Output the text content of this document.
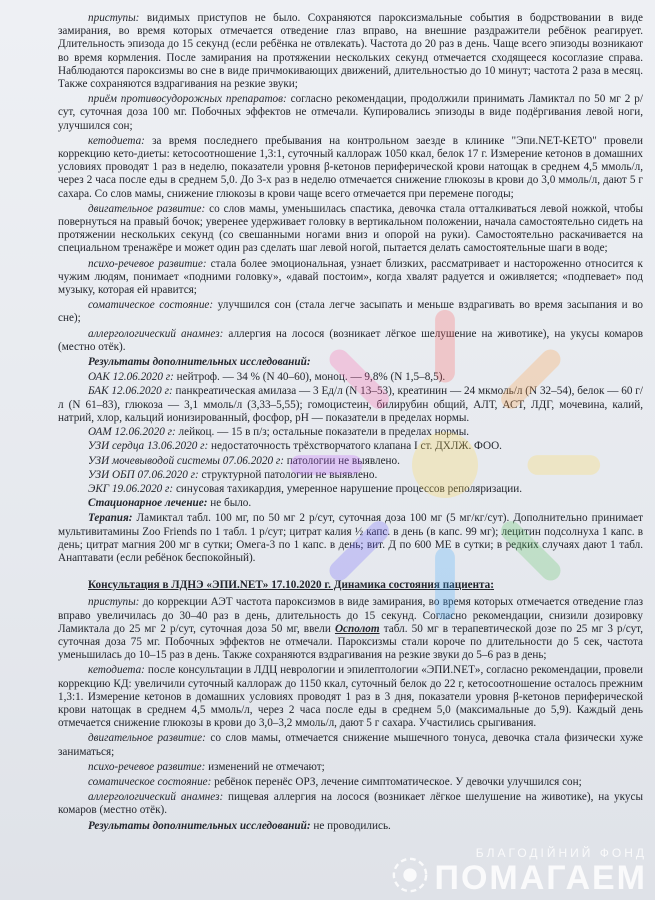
приступы: видимых приступов не было. Сохраняются пароксизмальные события в бодрствовании в виде замирания, во время которых отмечается отведение глаз вправо, на внешние раздражители ребёнок реагирует. Длительность эпизода до 15 секунд (если ребёнка не отвлекать). Частота до 20 раз в день. Чаще всего эпизоды возникают во время кормления. После замирания на протяжении нескольких секунд отмечается сходящееся косоглазие справа. Наблюдаются пароксизмы во сне в виде причмокивающих движений, длительностью до 10 минут; частота 2 раза в месяц. Также сохраняются вздрагивания на резкие звуки;

приём противосудорожных препаратов: согласно рекомендации, продолжили принимать Ламиктал по 50 мг 2 р/сут, суточная доза 100 мг. Побочных эффектов не отмечали. Купировались эпизоды в виде подёргивания левой ноги, улучшился сон;

кетодиета: за время последнего пребывания на контрольном заезде в клинике "Эпи.NET-KETO" провели коррекцию кето-диеты: кетосоотношение 1,3:1, суточный каллораж 1050 ккал, белок 17 г. Измерение кетонов в домашних условиях проводят 1 раз в неделю, показатели уровня β-кетонов периферической крови натощак в среднем 4,5 ммоль/л, через 2 часа после еды в среднем 5,0. До 3-х раз в неделю отмечается снижение глюкозы в крови до 3,0 ммоль/л, дают 5 г сахара. Со слов мамы, снижение глюкозы в крови чаще всего отмечается при перемене погоды;

двигательное развитие: со слов мамы, уменьшилась спастика, девочка стала отталкиваться левой ножкой, чтобы повернуться на правый бочок; уверенее удерживает головку в вертикальном положении, начала самостоятельно сидеть на протяжении нескольких секунд (со свешанными ногами вниз и опорой на руки). Самостоятельно раскачивается на специальном тренажёре и может один раз сделать шаг левой ногой, пытается делать самостоятельные шаги в воде;

психо-речевое развитие: стала более эмоциональная, узнает близких, рассматривает и настороженно относится к чужим людям, понимает «подними головку», «давай постоим», когда хвалят радуется и оживляется; «подпевает» под музыку, которая ей нравится;

соматическое состояние: улучшился сон (стала легче засыпать и меньше вздрагивать во время засыпания и во сне);

аллергологический анамнез: аллергия на лосося (возникает лёгкое шелушение на животике), на укусы комаров (местно отёк).

Результаты дополнительных исследований:

ОАК 12.06.2020 г: нейтроф. — 34 % (N 40–60), моноц. — 9,8% (N 1,5–8,5).

БАК 12.06.2020 г: панкреатическая амилаза — 3 Ед/л (N 13–53), креатинин — 24 мкмоль/л (N 32–54), белок — 60 г/л (N 61–83), глюкоза — 3,1 ммоль/л (3,33–5,55); гомоцистеин, билирубин общий, АЛТ, АСТ, ЛДГ, мочевина, калий, натрий, хлор, кальций ионизированный, фосфор, pH — показатели в пределах нормы.

ОАМ 12.06.2020 г: лейкоц. — 15 в п/з; остальные показатели в пределах нормы.

УЗИ сердца 13.06.2020 г: недостаточность трёхстворчатого клапана I ст. ДХЛЖ. ФОО.

УЗИ мочевыводой системы 07.06.2020 г: патологии не выявлено.

УЗИ ОБП 07.06.2020 г: структурной патологии не выявлено.

ЭКГ 19.06.2020 г: синусовая тахикардия, умеренное нарушение процессов реполяризации.

Стационарное лечение: не было.

Терапия: Ламиктал табл. 100 мг, по 50 мг 2 р/сут, суточная доза 100 мг (5 мг/кг/сут). Дополнительно принимает мультивитамины Zoo Friends по 1 табл. 1 р/сут; цитрат калия ½ капс. в день (в капс. 99 мг); лецитин подсолнуха 1 капс. в день; цитрат магния 200 мг в сутки; Омега-3 по 1 капс. в день; вит. Д по 600 МЕ в сутки; в редких случаях дают 1 табл. Анаптавати (если ребёнок беспокойный).

Консультация в ЛДНЭ «ЭПИ.NET» 17.10.2020 г. Динамика состояния пациента:

приступы: до коррекции АЭТ частота пароксизмов в виде замирания, во время которых отмечается отведение глаз вправо увеличилась до 30–40 раз в день, длительность до 15 секунд. Согласно рекомендации, снизили дозировку Ламиктала до 25 мг 2 р/сут, суточная доза 50 мг, ввели Осполот табл. 50 мг в терапевтической дозе по 25 мг 3 р/сут, суточная доза 75 мг. Побочных эффектов не отмечали. Пароксизмы стали короче по длительности до 5 сек, частота уменьшилась до 10–15 раз в день. Также сохраняются вздрагивания на резкие звуки до 5–6 раз в день;

кетодиета: после консультации в ЛДЦ неврологии и эпилептологии «ЭПИ.NET», согласно рекомендации, провели коррекцию КД: увеличили суточный каллораж до 1150 ккал, суточный белок до 22 г, кетосоотношение осталось прежним 1,3:1. Измерение кетонов в домашних условиях проводят 1 раз в 3 дня, показатели уровня β-кетонов периферической крови натощак в среднем 4,5 ммоль/л, через 2 часа после еды в среднем 5,0 (максимальные до 5,9). Каждый день отмечается снижение глюкозы в крови до 3,0–3,2 ммоль/л, дают 5 г сахара. Участились срыгивания.

двигательное развитие: со слов мамы, отмечается снижение мышечного тонуса, девочка стала физически хуже заниматься;

психо-речевое развитие: изменений не отмечают;

соматическое состояние: ребёнок перенёс ОРЗ, лечение симптоматическое. У девочки улучшился сон;

аллергологический анамнез: пищевая аллергия на лосося (возникает лёгкое шелушение на животике), на укусы комаров (местно отёк).

Результаты дополнительных исследований: не проводились.

БЛАГОДІЙНИЙ ФОНД
ПОМАГАЕМ
